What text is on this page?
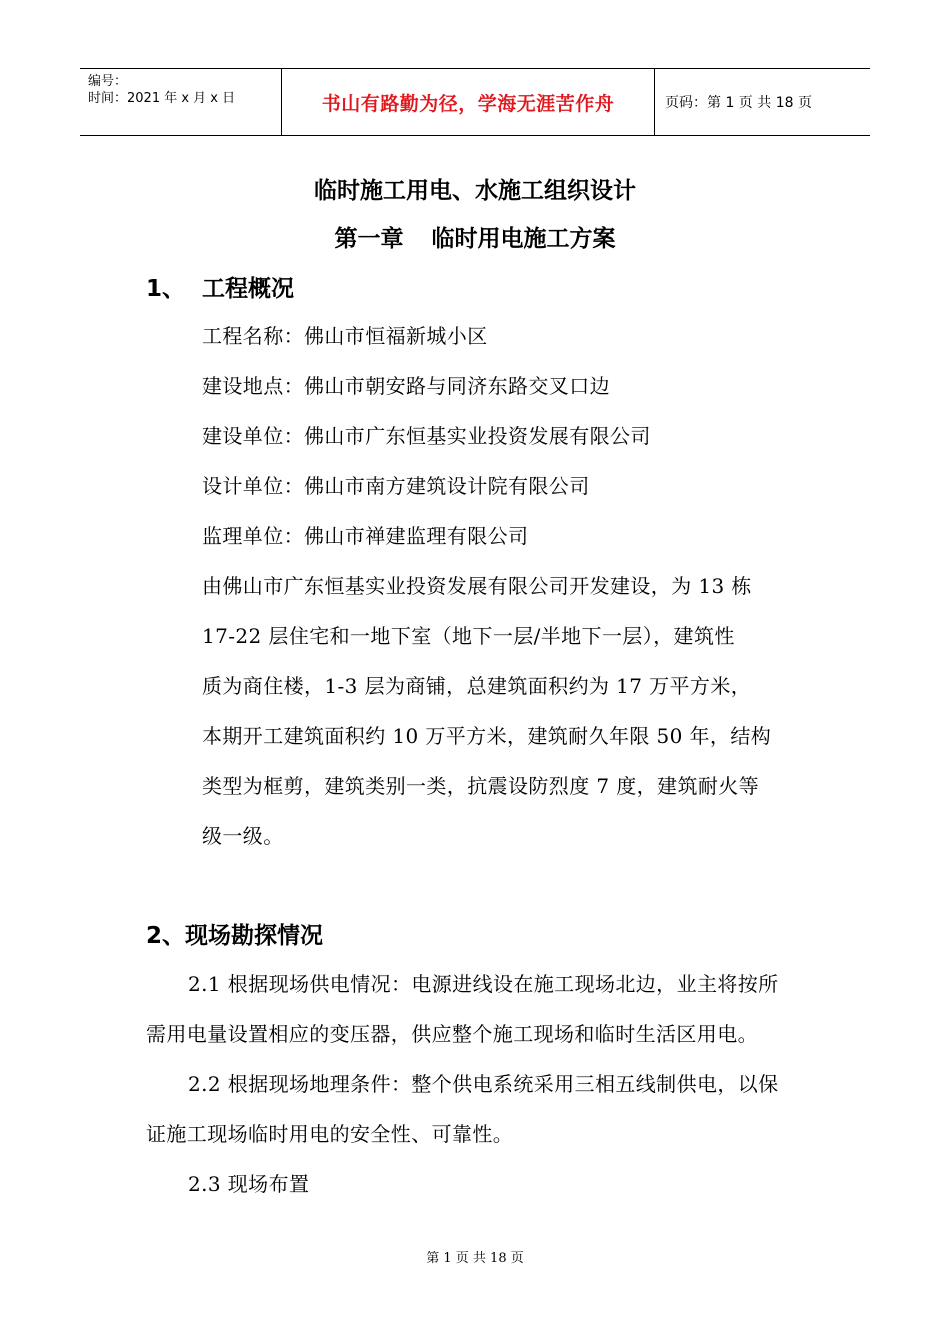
编号：
时间：2021 年 x 月 x 日	书山有路勤为径，学海无涯苦作舟	页码：第 1 页 共 18 页
临时施工用电、水施工组织设计
第一章 临时用电施工方案
1、 工程概况
工程名称：佛山市恒福新城小区
建设地点：佛山市朝安路与同济东路交叉口边
建设单位：佛山市广东恒基实业投资发展有限公司
设计单位：佛山市南方建筑设计院有限公司
监理单位：佛山市禅建监理有限公司
由佛山市广东恒基实业投资发展有限公司开发建设，为 13 栋
17-22 层住宅和一地下室（地下一层/半地下一层），建筑性
质为商住楼，1-3 层为商铺，总建筑面积约为 17 万平方米，
本期开工建筑面积约 10 万平方米，建筑耐久年限 50 年，结构
类型为框剪，建筑类别一类，抗震设防烈度 7 度，建筑耐火等
级一级。
2、现场勘探情况
2.1 根据现场供电情况：电源进线设在施工现场北边，业主将按所
需用电量设置相应的变压器，供应整个施工现场和临时生活区用电。
2.2 根据现场地理条件：整个供电系统采用三相五线制供电，以保
证施工现场临时用电的安全性、可靠性。
2.3 现场布置
第 1 页 共 18 页
